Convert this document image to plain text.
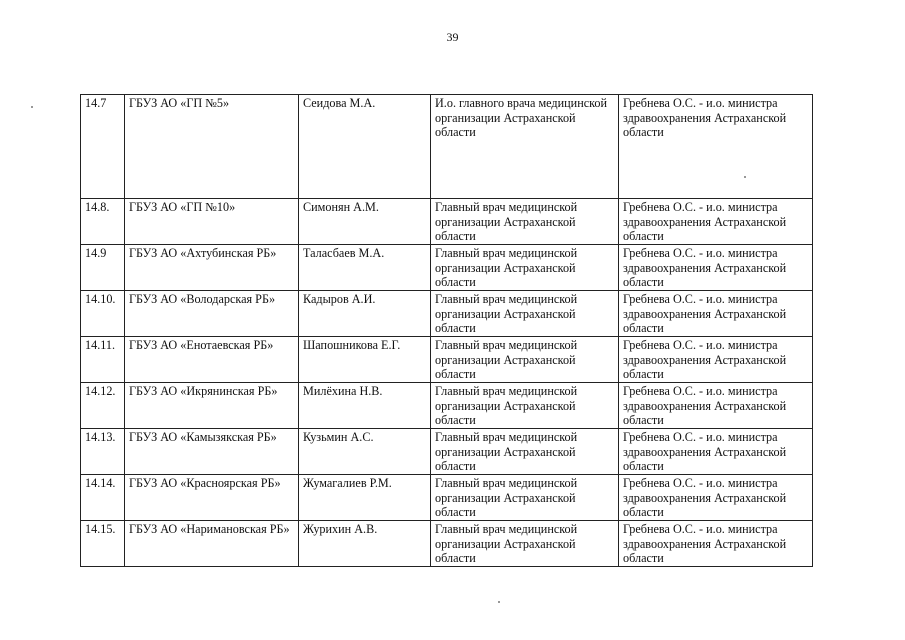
39
14.7	ГБУЗ АО «ГП №5»	Сеидова М.А.	И.о. главного врача медицинской организации Астраханской области	Гребнева О.С. - и.о. министра здравоохранения Астраханской области
14.8.	ГБУЗ АО «ГП №10»	Симонян А.М.	Главный врач медицинской организации Астраханской области	Гребнева О.С. - и.о. министра здравоохранения Астраханской области
14.9	ГБУЗ АО «Ахтубинская РБ»	Таласбаев М.А.	Главный врач медицинской организации Астраханской области	Гребнева О.С. - и.о. министра здравоохранения Астраханской области
14.10.	ГБУЗ АО «Володарская РБ»	Кадыров А.И.	Главный врач медицинской организации Астраханской области	Гребнева О.С. - и.о. министра здравоохранения Астраханской области
14.11.	ГБУЗ АО «Енотаевская РБ»	Шапошникова Е.Г.	Главный врач медицинской организации Астраханской области	Гребнева О.С. - и.о. министра здравоохранения Астраханской области
14.12.	ГБУЗ АО «Икрянинская РБ»	Милёхина Н.В.	Главный врач медицинской организации Астраханской области	Гребнева О.С. - и.о. министра здравоохранения Астраханской области
14.13.	ГБУЗ АО «Камызякская РБ»	Кузьмин А.С.	Главный врач медицинской организации Астраханской области	Гребнева О.С. - и.о. министра здравоохранения Астраханской области
14.14.	ГБУЗ АО «Красноярская РБ»	Жумагалиев Р.М.	Главный врач медицинской организации Астраханской области	Гребнева О.С. - и.о. министра здравоохранения Астраханской области
14.15.	ГБУЗ АО «Наримановская РБ»	Журихин А.В.	Главный врач медицинской организации Астраханской области	Гребнева О.С. - и.о. министра здравоохранения Астраханской области
